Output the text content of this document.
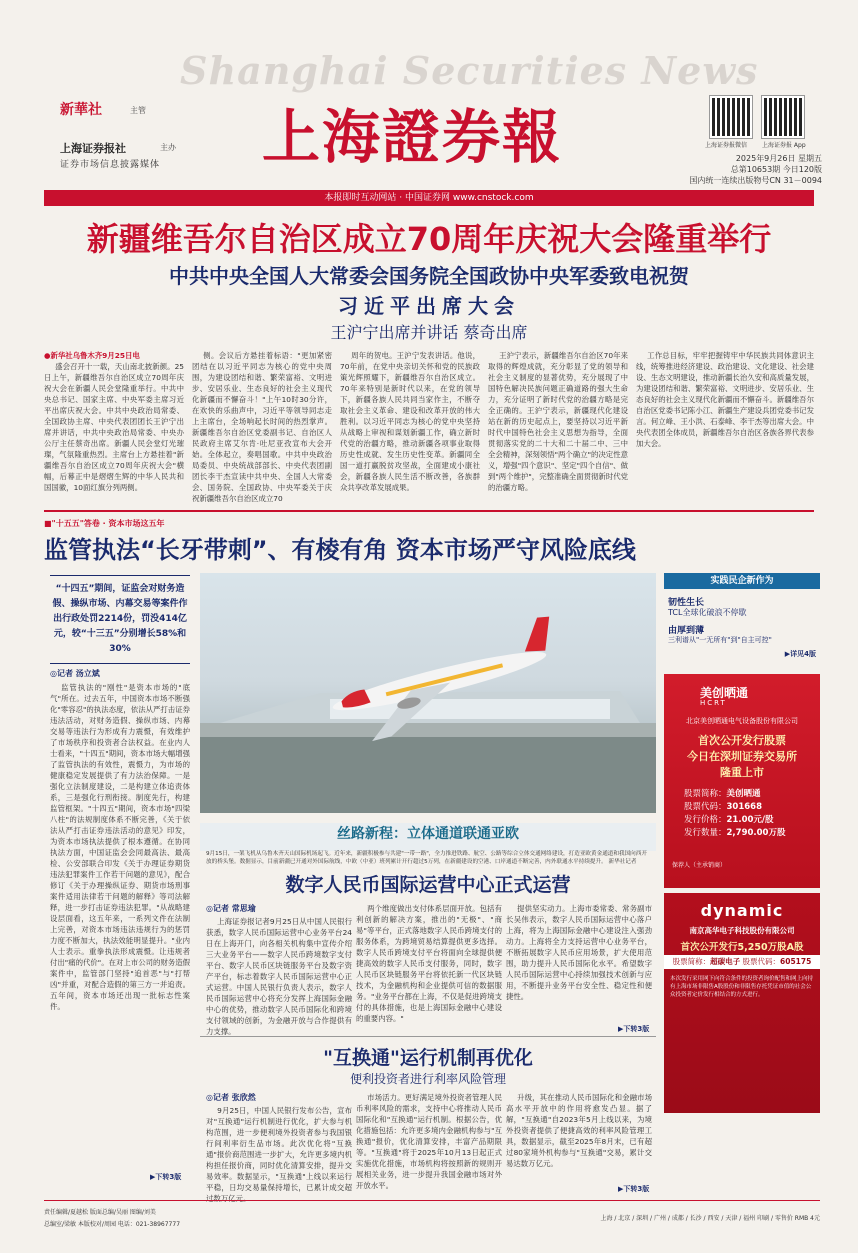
Shanghai Securities News
上海證券報
新華社	主管
上海证券报社	主办
证券市场信息披露媒体
上海证券报微信 上海证券报 App
2025年9月26日 星期五
总第10653期 今日120版
国内统一连续出版物号CN 31－0094
本报即时互动网站 · 中国证券网 www.cnstock.com
新疆维吾尔自治区成立70周年庆祝大会隆重举行
中共中央全国人大常委会国务院全国政协中央军委致电祝贺
习近平出席大会
王沪宁出席并讲话 蔡奇出席
●新华社乌鲁木齐9月25日电

盛会召开十一载，天山南北披新颜。25日上午，新疆维吾尔自治区成立70周年庆祝大会在新疆人民会堂隆重举行。中共中央总书记、国家主席、中央军委主席习近平出席庆祝大会。中共中央政治局常委、全国政协主席、中央代表团团长王沪宁出席并讲话，中共中央政治局常委、中央办公厅主任蔡奇出席。新疆人民会堂灯光璀璨，气氛隆重热烈。主席台上方悬挂着"新疆维吾尔自治区成立70周年庆祝大会"横幅，后幕正中是熠熠生辉的中华人民共和国国徽，10面红旗分列两侧。

侧。会议后方悬挂着标语："更加紧密团结在以习近平同志为核心的党中央周围，为建设团结和谐、繁荣富裕、文明进步、安居乐业、生态良好的社会主义现代化新疆而不懈奋斗！"上午10时30分许，在欢快的乐曲声中，习近平等领导同志走上主席台，全场响起长时间的热烈掌声。新疆维吾尔自治区党委副书记、自治区人民政府主席艾尔肯·吐尼亚孜宣布大会开始。全体起立，奏唱国歌。中共中央政治局委员、中央统战部部长、中央代表团副团长李干杰宣读中共中央、全国人大常委会、国务院、全国政协、中央军委关于庆祝新疆维吾尔自治区成立70

周年的贺电。王沪宁发表讲话。他说，70年前，在党中央亲切关怀和党的民族政策光辉照耀下，新疆维吾尔自治区成立。70年来特别是新时代以来，在党的领导下，新疆各族人民共同当家作主，不断夺取社会主义革命、建设和改革开放的伟大胜利。以习近平同志为核心的党中央坚持从战略上审视和谋划新疆工作，确立新时代党的治疆方略，推动新疆各项事业取得历史性成就、发生历史性变革。新疆同全国一道打赢脱贫攻坚战，全面建成小康社会，新疆各族人民生活不断改善，各族群众共享改革发展成果。

王沪宁表示，新疆维吾尔自治区70年来取得的辉煌成就，充分彰显了党的领导和社会主义制度的显著优势，充分展现了中国特色解决民族问题正确道路的强大生命力，充分证明了新时代党的治疆方略是完全正确的。王沪宁表示，新疆现代化建设站在新的历史起点上，要坚持以习近平新时代中国特色社会主义思想为指导，全面贯彻落实党的二十大和二十届二中、三中全会精神，深刻领悟"两个确立"的决定性意义，增强"四个意识"、坚定"四个自信"、做到"两个维护"，完整准确全面贯彻新时代党的治疆方略。

工作总目标，牢牢把握铸牢中华民族共同体意识主线，统筹推进经济建设、政治建设、文化建设、社会建设、生态文明建设，推动新疆长治久安和高质量发展，为建设团结和谐、繁荣富裕、文明进步、安居乐业、生态良好的社会主义现代化新疆而不懈奋斗。新疆维吾尔自治区党委书记陈小江、新疆生产建设兵团党委书记发言。何立峰、王小洪、石泰峰、李干杰等出席大会。中央代表团全体成员，新疆维吾尔自治区各族各界代表参加大会。

■"十五五"答卷 · 资本市场这五年
监管执法“长牙带刺”、有棱有角 资本市场严守风险底线
“十四五”期间，证监会对财务造假、操纵市场、内幕交易等案件作出行政处罚2214份，罚没414亿元，较“十三五”分别增长58%和30%
◎记者 汤立斌

监管执法的"刚性"是资本市场的"底气"所在。过去五年，中国资本市场不断强化"零容忍"的执法态度，依法从严打击证券违法活动，对财务造假、操纵市场、内幕交易等违法行为形成有力震慑，有效维护了市场秩序和投资者合法权益。在业内人士看来，"十四五"期间，资本市场大幅增强了监管执法的有效性，震慑力，为市场的健康稳定发展提供了有力法治保障。一是强化立法制度建设，二是构建立体追责体系，三是强化行刑衔接。制度先行，构建监管框架。"十四五"期间，资本市场"四梁八柱"的法规制度体系不断完善，《关于依法从严打击证券违法活动的意见》印发，为资本市场执法提供了根本遵循。在协同执法方面，中国证监会会同最高法、最高检、公安部联合印发《关于办理证券期货违法犯罪案件工作若干问题的意见》，配合修订《关于办理操纵证券、期货市场刑事案件适用法律若干问题的解释》等司法解释，进一步打击证券违法犯罪。"从战略建设层面看，这五年来，一系列文件在法制上完善，对资本市场违法违规行为的惩罚力度不断加大，执法效能明显提升。"业内人士表示。重拳执法形成震慑。让违规者付出"痛的代价"。在对上市公司的财务造假案件中，监管部门坚持"追首恶"与"打帮凶"并重，对配合造假的第三方一并追责。五年间，资本市场还出现一批标志性案件。

▶下转3版
丝路新程：立体通道联通亚欧
9月15日，一架飞机从乌鲁木齐天山国际机场起飞。近年来，新疆积极参与共建"一带一路"，全力推进铁路、航空、公路等综合立体交通网络建设，打造亚欧黄金通道和我国向西开放的桥头堡。数据显示，目前新疆已开通对外国际航线，中欧（中亚）班列累计开行超过5万列，在新疆建设的空港、口岸通道不断完善，内外联通水平持续提升。 新华社记者
实践民企新作为
韧性生长
TCL全球化破浪不停歇
由厚到薄
三利谱从"一无所有"到"自主可控"
▶详见4版
美创晒通
HCRT
北京美创晒通电气设备股份有限公司
首次公开发行股票
今日在深圳证券交易所
隆重上市
股票简称：美创晒通
股票代码：301668
发行价格：21.00元/股
发行数量：2,790.00万股
保荐人（主承销商）
dynamic
南京高华电子科技股份有限公司
首次公开发行5,250万股A股
股票简称：超碳电子 股票代码：605175
本次发行采用网下向符合条件的投资者询价配售和网上向持有上海市场非限售A股股份和非限售存托凭证市值的社会公众投资者定价发行相结合的方式进行。
数字人民币国际运营中心正式运营
◎记者 常思瑜

上海证券报记者9月25日从中国人民银行获悉，数字人民币国际运营中心业务平台24日在上海开门，向各相关机构集中宣传介绍三大业务平台——数字人民币跨境数字支付平台、数字人民币区块链服务平台及数字资产平台，标志着数字人民币国际运营中心正式运营。中国人民银行负责人表示，数字人民币国际运营中心将充分发挥上海国际金融中心的优势，推动数字人民币国际化和跨境支付领域的创新，为金融开放与合作提供有力支撑。

两个维度做出支付体系层面开放。包括有利创新的解决方案，推出的"无极"、"商易"等平台，正式落地数字人民币跨境支付的服务体系，为跨境贸易结算提供更多选择。数字人民币跨境支付平台将面向全球提供便捷高效的数字人民币支付服务，同时，数字人民币区块链服务平台将依托新一代区块链技术，为金融机构和企业提供可信的数据服务。"业务平台都在上海，不仅是促进跨境支付的具体措施，也是上海国际金融中心建设的重要内容。"

提供坚实动力。上海市委常委、常务副市长吴伟表示，数字人民币国际运营中心落户上海，将为上海国际金融中心建设注入强劲动力。上海将全力支持运营中心业务平台，不断拓展数字人民币应用场景，扩大使用范围，助力提升人民币国际化水平。希望数字人民币国际运营中心持续加强技术创新与应用，不断提升业务平台安全性、稳定性和便捷性。

▶下转3版
"互换通"运行机制再优化
便利投资者进行利率风险管理
◎记者 张欣然

9月25日，中国人民银行发布公告，宣布对"互换通"运行机制进行优化，扩大参与机构范围，进一步便利境外投资者参与我国银行间利率衍生品市场。此次优化将"互换通"报价商范围进一步扩大，允许更多境内机构担任报价商，同时优化清算安排，提升交易效率。数据显示，"互换通"上线以来运行平稳，日均交易量保持增长，已累计成交超过数万亿元。

市场活力。更好满足境外投资者管理人民币利率风险的需求，支持中心将推动人民币国际化和"互换通"运行机制。根据公告，优化措施包括：允许更多境内金融机构参与"互换通"报价，优化清算安排，丰富产品期限等。"互换通"将于2025年10月13日起正式实施优化措施，市场机构将按照新的规则开展相关业务，进一步提升我国金融市场对外开放水平。

升级，其在推动人民币国际化和金融市场高水平开放中的作用将愈发凸显。据了解，"互换通"自2023年5月上线以来，为境外投资者提供了便捷高效的利率风险管理工具，数据显示，截至2025年8月末，已有超过80家境外机构参与"互换通"交易，累计交易达数万亿元。

▶下转3版
责任编辑/夏越松 版面总编/吴丽 图编/刘美
总编室/梁敏 本版校对/周园 电话：021-38967777
上海 / 北京 / 深圳 / 广州 / 成都 / 长沙 / 西安 / 天津 / 福州 印刷 / 零售价 RMB 4元
